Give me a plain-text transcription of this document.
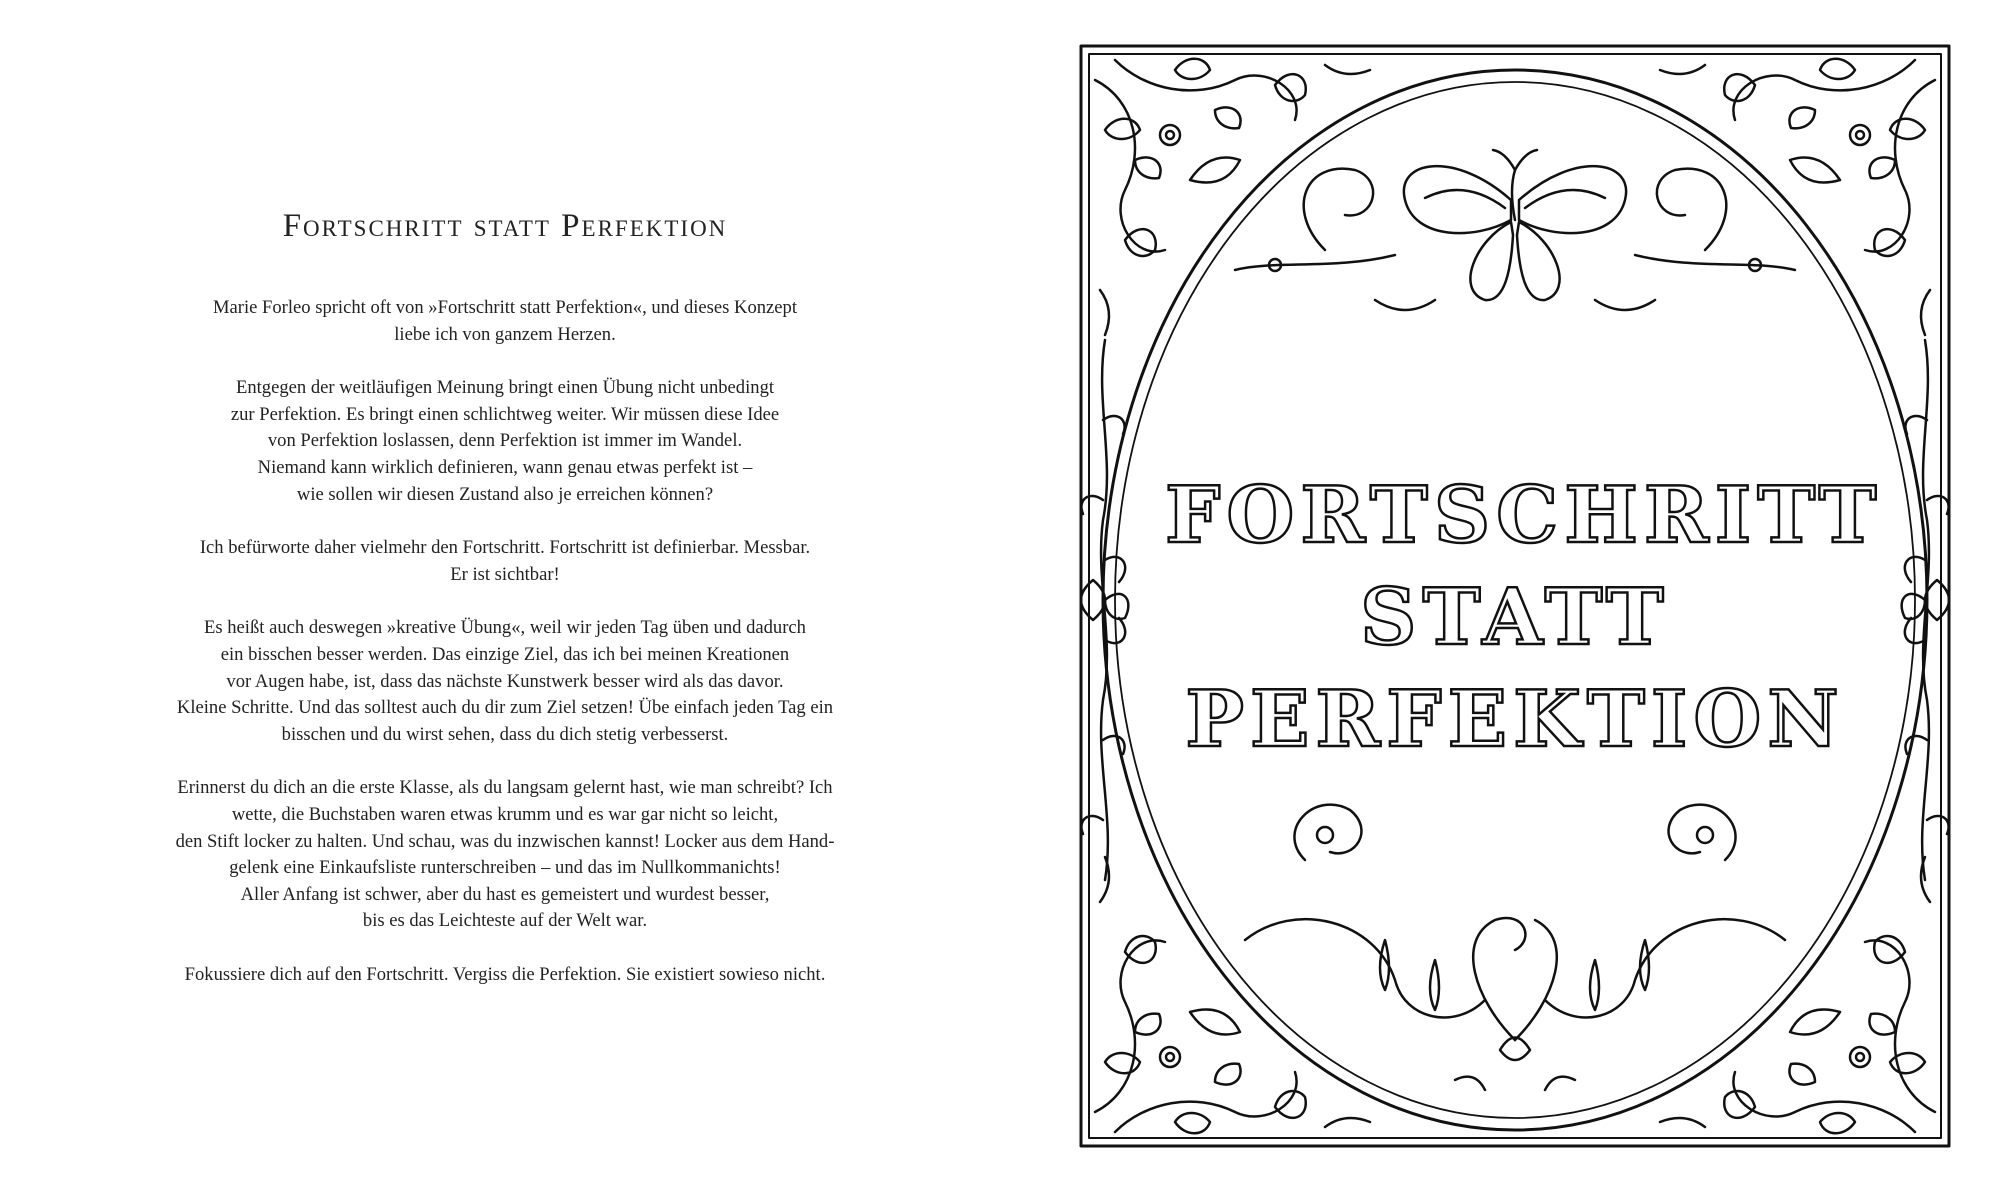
Fortschritt statt Perfektion

Marie Forleo spricht oft von »Fortschritt statt Perfektion«, und dieses Konzept
liebe ich von ganzem Herzen.

Entgegen der weitläufigen Meinung bringt einen Übung nicht unbedingt
zur Perfektion. Es bringt einen schlichtweg weiter. Wir müssen diese Idee
von Perfektion loslassen, denn Perfektion ist immer im Wandel.
Niemand kann wirklich definieren, wann genau etwas perfekt ist –
wie sollen wir diesen Zustand also je erreichen können?

Ich befürworte daher vielmehr den Fortschritt. Fortschritt ist definierbar. Messbar.
Er ist sichtbar!

Es heißt auch deswegen »kreative Übung«, weil wir jeden Tag üben und dadurch
ein bisschen besser werden. Das einzige Ziel, das ich bei meinen Kreationen
vor Augen habe, ist, dass das nächste Kunstwerk besser wird als das davor.
Kleine Schritte. Und das solltest auch du dir zum Ziel setzen! Übe einfach jeden Tag ein
bisschen und du wirst sehen, dass du dich stetig verbesserst.

Erinnerst du dich an die erste Klasse, als du langsam gelernt hast, wie man schreibt? Ich
wette, die Buchstaben waren etwas krumm und es war gar nicht so leicht,
den Stift locker zu halten. Und schau, was du inzwischen kannst! Locker aus dem Hand-
gelenk eine Einkaufsliste runterschreiben – und das im Nullkommanichts!
Aller Anfang ist schwer, aber du hast es gemeistert und wurdest besser,
bis es das Leichteste auf der Welt war.

Fokussiere dich auf den Fortschritt. Vergiss die Perfektion. Sie existiert sowieso nicht.

FORTSCHRITT
STATT
PERFEKTION
